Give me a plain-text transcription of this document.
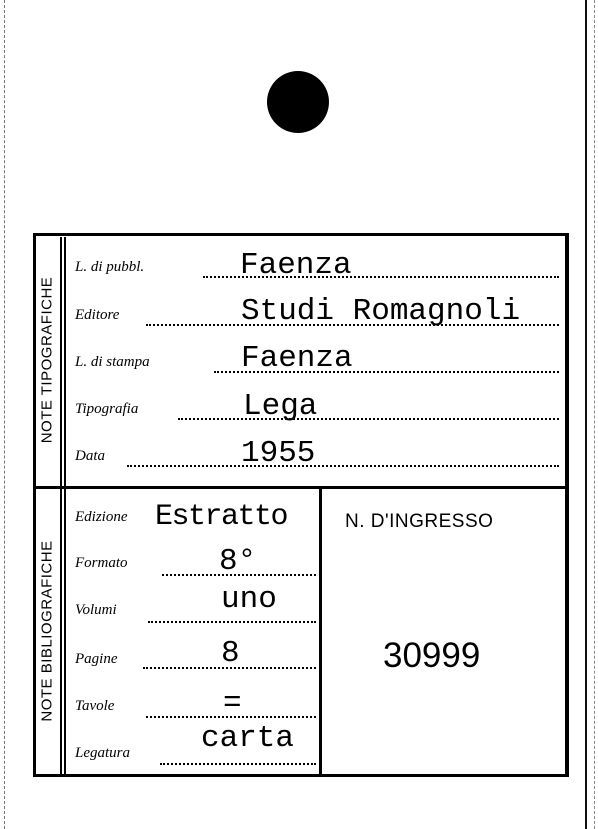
NOTE TIPOGRAFICHE
NOTE BIBLIOGRAFICHE
L. di pubbl.	Faenza
Editore	Studi Romagnoli
L. di stampa	Faenza
Tipografia	Lega
Data	1955
Edizione Estratto
Formato	8°
Volumi	uno
Pagine	8
Tavole	=
Legatura carta
N. D'INGRESSO
30999
